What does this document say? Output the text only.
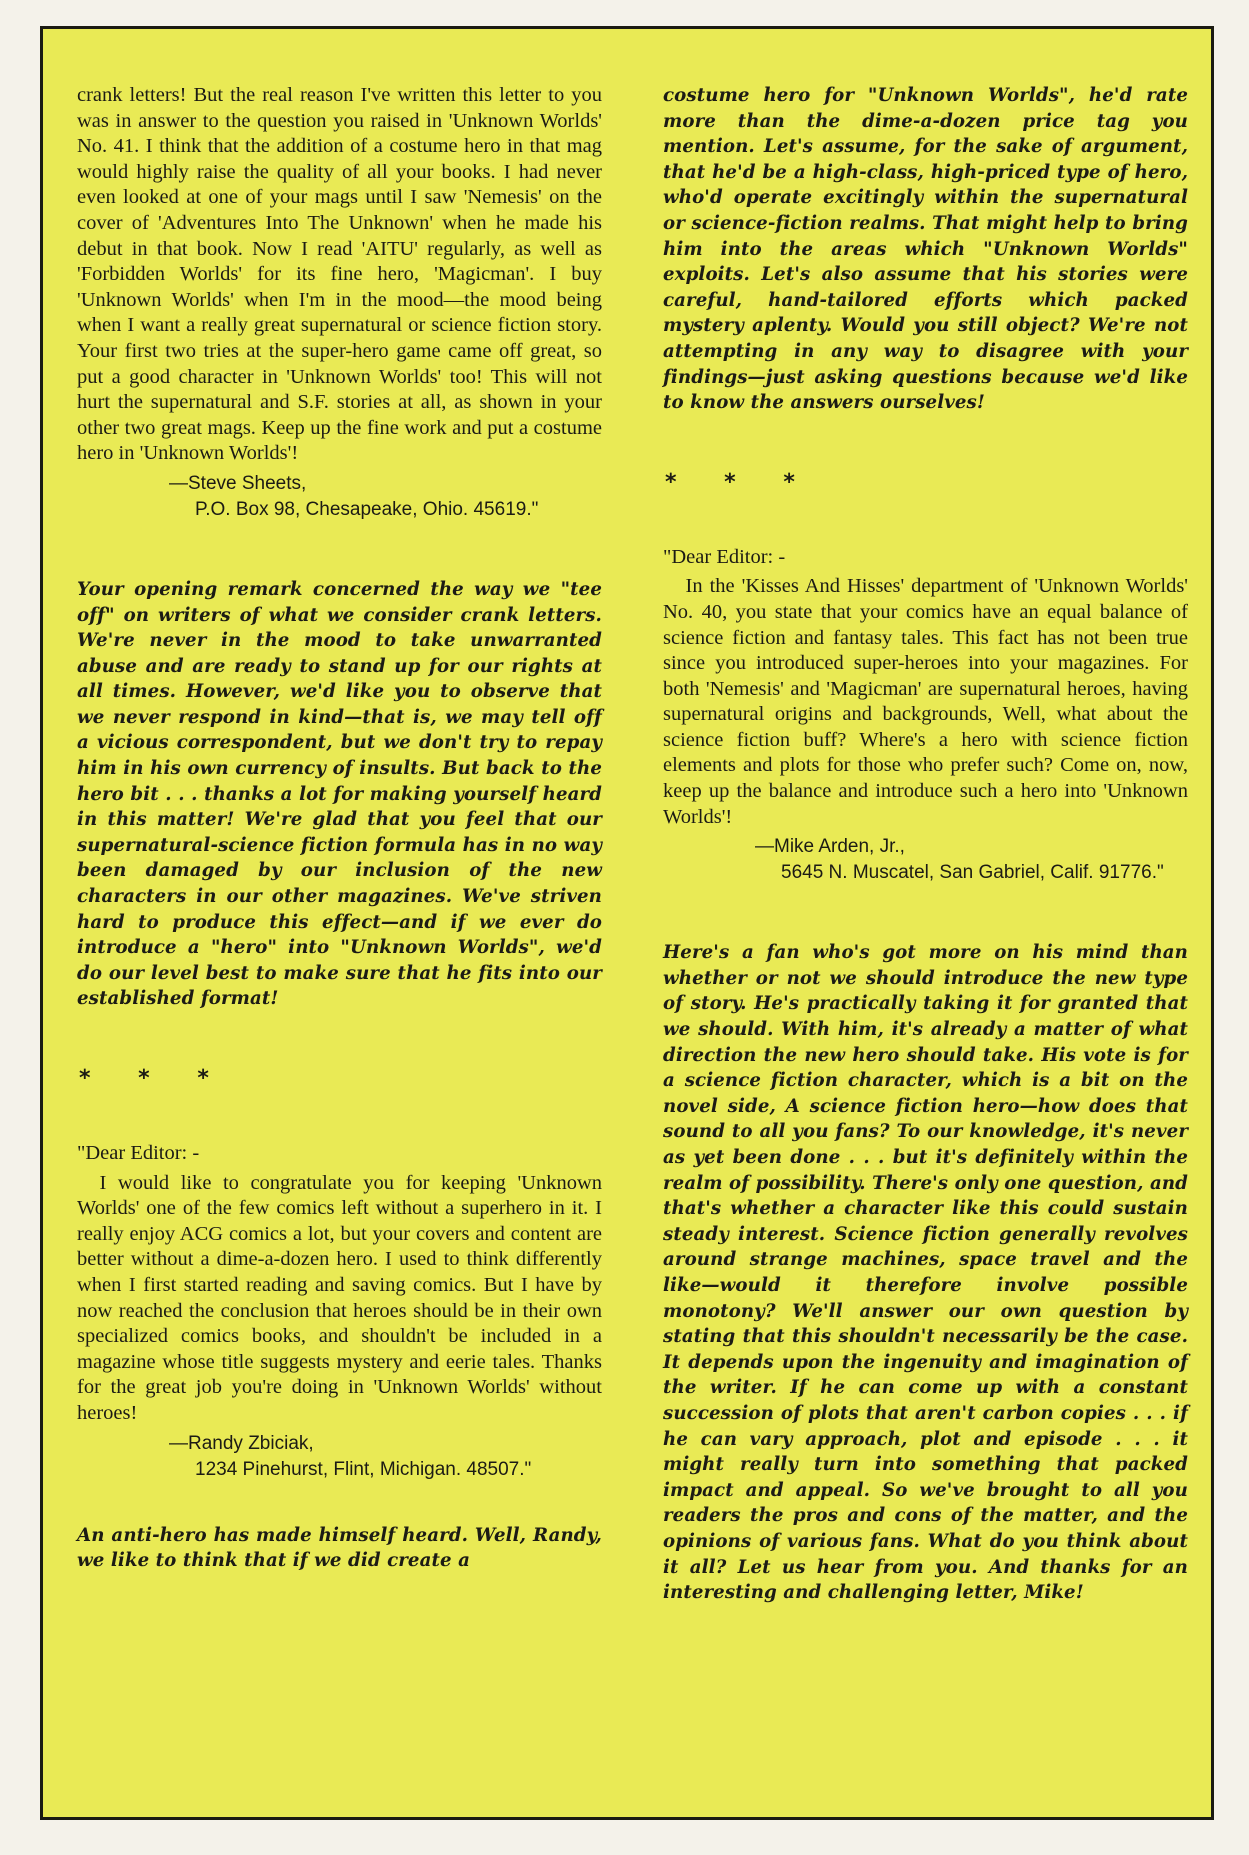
crank letters! But the real reason I've written this letter to you was in answer to the question you raised in 'Unknown Worlds' No. 41. I think that the addition of a costume hero in that mag would highly raise the quality of all your books. I had never even looked at one of your mags until I saw 'Nemesis' on the cover of 'Adventures Into The Unknown' when he made his debut in that book. Now I read 'AITU' regularly, as well as 'Forbidden Worlds' for its fine hero, 'Magicman'. I buy 'Unknown Worlds' when I'm in the mood—the mood being when I want a really great supernatural or science fiction story. Your first two tries at the super-hero game came off great, so put a good character in 'Unknown Worlds' too! This will not hurt the supernatural and S.F. stories at all, as shown in your other two great mags. Keep up the fine work and put a costume hero in 'Unknown Worlds'!

—Steve Sheets,
P.O. Box 98, Chesapeake, Ohio. 45619."

Your opening remark concerned the way we "tee off" on writers of what we consider crank letters. We're never in the mood to take unwarranted abuse and are ready to stand up for our rights at all times. However, we'd like you to observe that we never respond in kind—that is, we may tell off a vicious correspondent, but we don't try to repay him in his own currency of insults. But back to the hero bit . . . thanks a lot for making yourself heard in this matter! We're glad that you feel that our supernatural-science fiction formula has in no way been damaged by our inclusion of the new characters in our other magazines. We've striven hard to produce this effect—and if we ever do introduce a "hero" into "Unknown Worlds", we'd do our level best to make sure that he fits into our established format!

* * *

"Dear Editor: -

I would like to congratulate you for keeping 'Unknown Worlds' one of the few comics left without a superhero in it. I really enjoy ACG comics a lot, but your covers and content are better without a dime-a-dozen hero. I used to think differently when I first started reading and saving comics. But I have by now reached the conclusion that heroes should be in their own specialized comics books, and shouldn't be included in a magazine whose title suggests mystery and eerie tales. Thanks for the great job you're doing in 'Unknown Worlds' without heroes!

—Randy Zbiciak,
1234 Pinehurst, Flint, Michigan. 48507."

An anti-hero has made himself heard. Well, Randy, we like to think that if we did create a

costume hero for "Unknown Worlds", he'd rate more than the dime-a-dozen price tag you mention. Let's assume, for the sake of argument, that he'd be a high-class, high-priced type of hero, who'd operate excitingly within the supernatural or science-fiction realms. That might help to bring him into the areas which "Unknown Worlds" exploits. Let's also assume that his stories were careful, hand-tailored efforts which packed mystery aplenty. Would you still object? We're not attempting in any way to disagree with your findings—just asking questions because we'd like to know the answers ourselves!

* * *

"Dear Editor: -

In the 'Kisses And Hisses' department of 'Unknown Worlds' No. 40, you state that your comics have an equal balance of science fiction and fantasy tales. This fact has not been true since you introduced super-heroes into your magazines. For both 'Nemesis' and 'Magicman' are supernatural heroes, having supernatural origins and backgrounds, Well, what about the science fiction buff? Where's a hero with science fiction elements and plots for those who prefer such? Come on, now, keep up the balance and introduce such a hero into 'Unknown Worlds'!

—Mike Arden, Jr.,
5645 N. Muscatel, San Gabriel, Calif. 91776."

Here's a fan who's got more on his mind than whether or not we should introduce the new type of story. He's practically taking it for granted that we should. With him, it's already a matter of what direction the new hero should take. His vote is for a science fiction character, which is a bit on the novel side, A science fiction hero—how does that sound to all you fans? To our knowledge, it's never as yet been done . . . but it's definitely within the realm of possibility. There's only one question, and that's whether a character like this could sustain steady interest. Science fiction generally revolves around strange machines, space travel and the like—would it therefore involve possible monotony? We'll answer our own question by stating that this shouldn't necessarily be the case. It depends upon the ingenuity and imagination of the writer. If he can come up with a constant succession of plots that aren't carbon copies . . . if he can vary approach, plot and episode . . . it might really turn into something that packed impact and appeal. So we've brought to all you readers the pros and cons of the matter, and the opinions of various fans. What do you think about it all? Let us hear from you. And thanks for an interesting and challenging letter, Mike!
